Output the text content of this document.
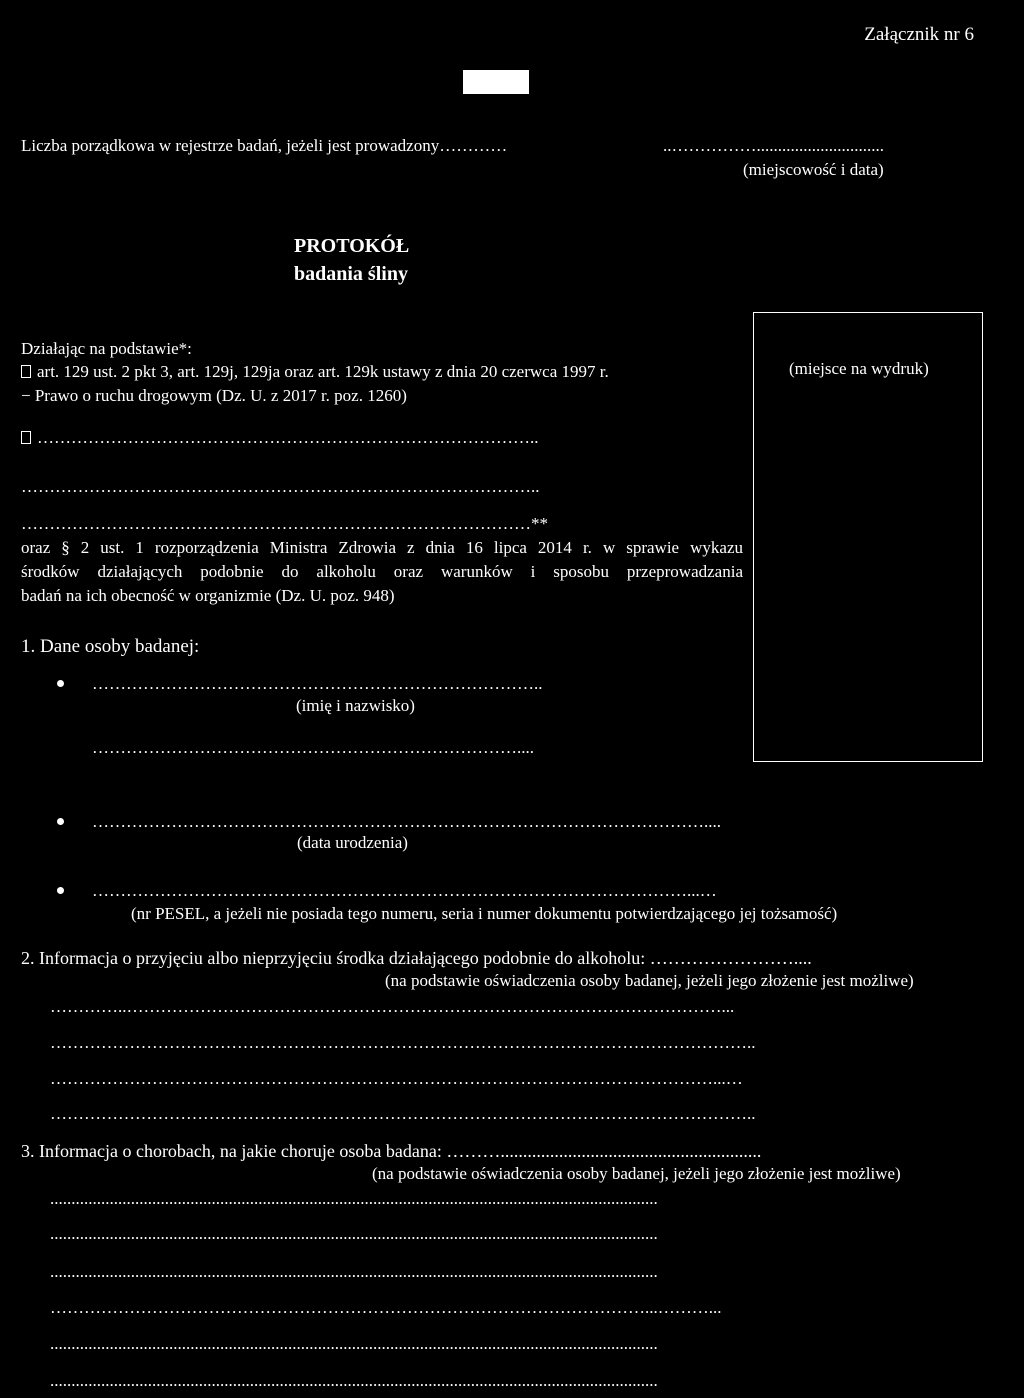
Załącznik nr 6
Liczba porządkowa w rejestrze badań, jeżeli jest prowadzony…………	..……………..............................
(miejscowość i data)
PROTOKÓŁ
badania śliny
Działając na podstawie*:
art. 129 ust. 2 pkt 3, art. 129j, 129ja oraz art. 129k ustawy z dnia 20 czerwca 1997 r.
− Prawo o ruchu drogowym (Dz. U. z 2017 r. poz. 1260)
……………………………………………………………………………..
………………………………………………………………………………..
………………………………………………………………………………**
oraz § 2 ust. 1 rozporządzenia Ministra Zdrowia z dnia 16 lipca 2014 r. w sprawie wykazu
środków działających podobnie do alkoholu oraz warunków i sposobu przeprowadzania
badań na ich obecność w organizmie (Dz. U. poz. 948)
(miejsce na wydruk)
1. Dane osoby badanej:
……………………………………………………………………..
(imię i nazwisko)
…………………………………………………………………....
………………………………………………………………………………………………....
(data urodzenia)
……………………………………………………………………………………………...…
(nr PESEL, a jeżeli nie posiada tego numeru, seria i numer dokumentu potwierdzającego jej tożsamość)
2. Informacja o przyjęciu albo nieprzyjęciu środka działającego podobnie do alkoholu: ……………………....
(na podstawie oświadczenia osoby badanej, jeżeli jego złożenie jest możliwe)
…………..……………………………………………………………………………………………...
……………………………………………………………………………………………………………..
………………………………………………………………………………………………………...…
……………………………………………………………………………………………………………..
3. Informacja o chorobach, na jakie choruje osoba badana: ………..........................................................
(na podstawie oświadczenia osoby badanej, jeżeli jego złożenie jest możliwe)
...............................................................................................................................................
...............................................................................................................................................
...............................................................................................................................................
……………………………………………………………………………………………...………...
...............................................................................................................................................
...............................................................................................................................................
